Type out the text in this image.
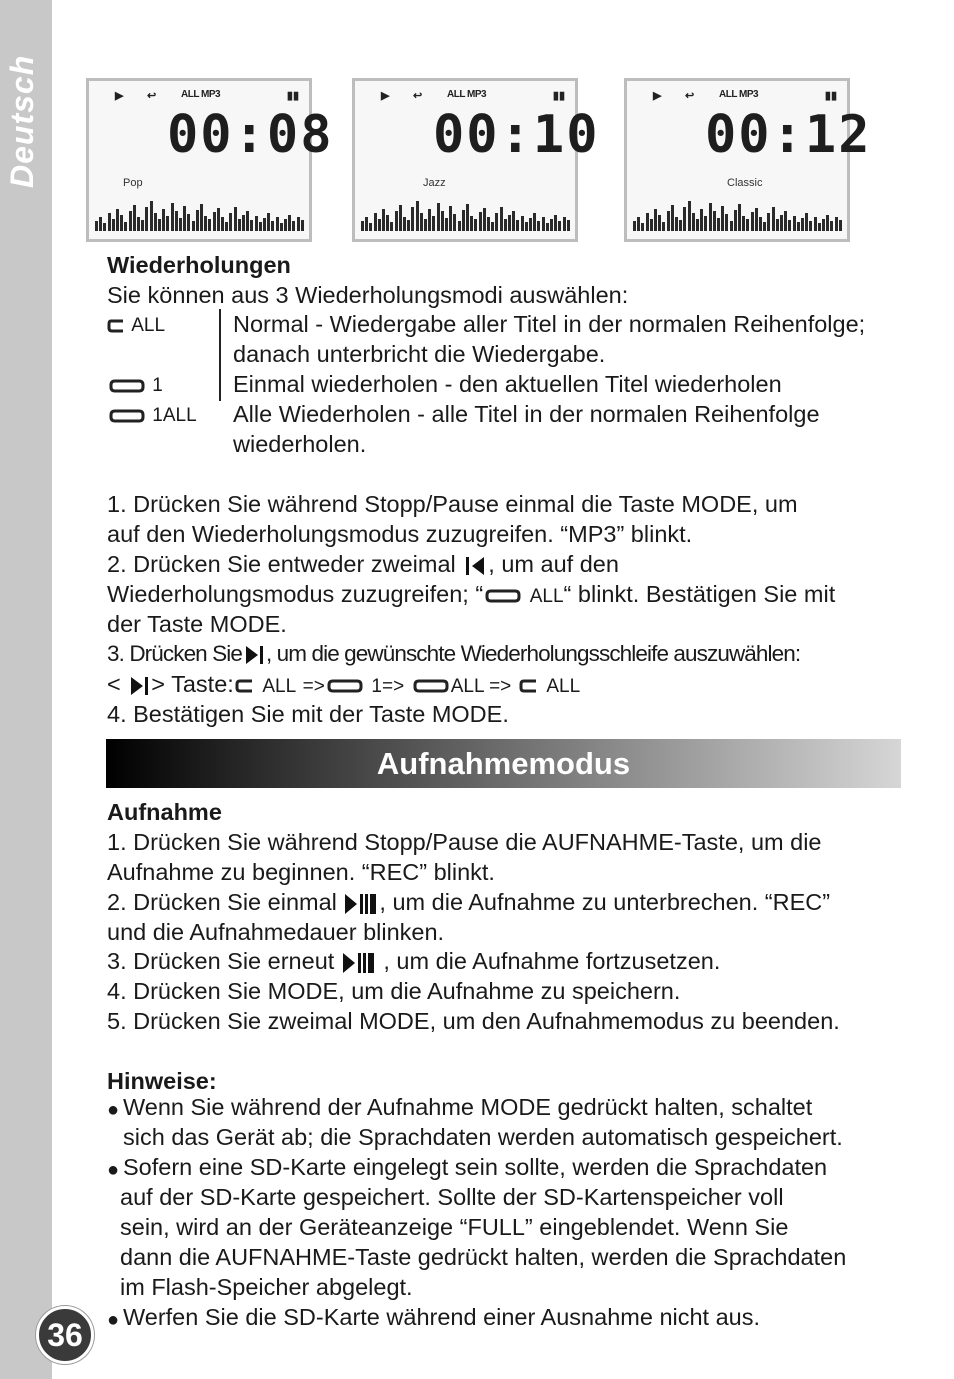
Deutsch
36
▶ ↩ ALL MP3	▮▮
00:08
Pop
▶ ↩ ALL MP3	▮▮
00:10
Jazz
▶ ↩ ALL MP3	▮▮
00:12
Classic
Wiederholungen
Sie können aus 3 Wiederholungsmodi auswählen:
ALL	Normal - Wiedergabe aller Titel in der normalen Reihenfolge;
danach unterbricht die Wiedergabe.
1	Einmal wiederholen - den aktuellen Titel wiederholen
1ALL Alle Wiederholen - alle Titel in der normalen Reihenfolge
wiederholen.
1. Drücken Sie während Stopp/Pause einmal die Taste MODE, um
auf den Wiederholungsmodus zuzugreifen. “MP3” blinkt.
2. Drücken Sie entweder zweimal , um auf den
Wiederholungsmodus zuzugreifen; “ ALL“ blinkt. Bestätigen Sie mit
der Taste MODE.
3. Drücken Sie , um die gewünschte Wiederholungsschleife auszuwählen:
< > Taste: ALL => 1=> ALL => ALL
4. Bestätigen Sie mit der Taste MODE.
Aufnahmemodus
Aufnahme
1. Drücken Sie während Stopp/Pause die AUFNAHME-Taste, um die
Aufnahme zu beginnen. “REC” blinkt.
2. Drücken Sie einmal , um die Aufnahme zu unterbrechen. “REC”
und die Aufnahmedauer blinken.
3. Drücken Sie erneut , um die Aufnahme fortzusetzen.
4. Drücken Sie MODE, um die Aufnahme zu speichern.
5. Drücken Sie zweimal MODE, um den Aufnahmemodus zu beenden.
Hinweise:
● Wenn Sie während der Aufnahme MODE gedrückt halten, schaltet
sich das Gerät ab; die Sprachdaten werden automatisch gespeichert.
● Sofern eine SD-Karte eingelegt sein sollte, werden die Sprachdaten
auf der SD-Karte gespeichert. Sollte der SD-Kartenspeicher voll
sein, wird an der Geräteanzeige “FULL” eingeblendet. Wenn Sie
dann die AUFNAHME-Taste gedrückt halten, werden die Sprachdaten
im Flash-Speicher abgelegt.
● Werfen Sie die SD-Karte während einer Ausnahme nicht aus.
